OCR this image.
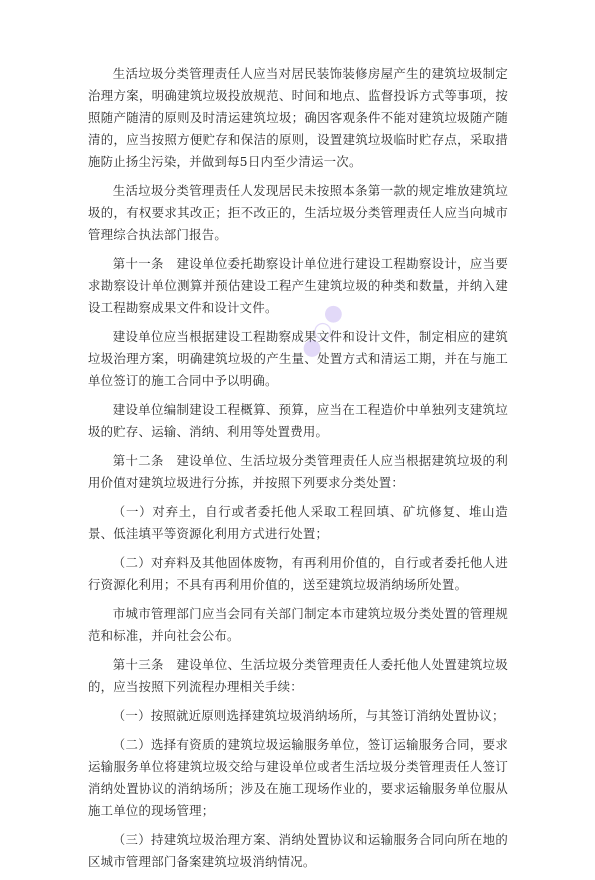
生活垃圾分类管理责任人应当对居民装饰装修房屋产生的建筑垃圾制定治理方案，明确建筑垃圾投放规范、时间和地点、监督投诉方式等事项，按照随产随清的原则及时清运建筑垃圾；确因客观条件不能对建筑垃圾随产随清的，应当按照方便贮存和保洁的原则，设置建筑垃圾临时贮存点，采取措施防止扬尘污染，并做到每5日内至少清运一次。

生活垃圾分类管理责任人发现居民未按照本条第一款的规定堆放建筑垃圾的，有权要求其改正；拒不改正的，生活垃圾分类管理责任人应当向城市管理综合执法部门报告。

第十一条　建设单位委托勘察设计单位进行建设工程勘察设计，应当要求勘察设计单位测算并预估建设工程产生建筑垃圾的种类和数量，并纳入建设工程勘察成果文件和设计文件。

建设单位应当根据建设工程勘察成果文件和设计文件，制定相应的建筑垃圾治理方案，明确建筑垃圾的产生量、处置方式和清运工期，并在与施工单位签订的施工合同中予以明确。

建设单位编制建设工程概算、预算，应当在工程造价中单独列支建筑垃圾的贮存、运输、消纳、利用等处置费用。

第十二条　建设单位、生活垃圾分类管理责任人应当根据建筑垃圾的利用价值对建筑垃圾进行分拣，并按照下列要求分类处置：

（一）对弃土，自行或者委托他人采取工程回填、矿坑修复、堆山造景、低洼填平等资源化利用方式进行处置；

（二）对弃料及其他固体废物，有再利用价值的，自行或者委托他人进行资源化利用；不具有再利用价值的，送至建筑垃圾消纳场所处置。

市城市管理部门应当会同有关部门制定本市建筑垃圾分类处置的管理规范和标准，并向社会公布。

第十三条　建设单位、生活垃圾分类管理责任人委托他人处置建筑垃圾的，应当按照下列流程办理相关手续：

（一）按照就近原则选择建筑垃圾消纳场所，与其签订消纳处置协议；

（二）选择有资质的建筑垃圾运输服务单位，签订运输服务合同，要求运输服务单位将建筑垃圾交给与建设单位或者生活垃圾分类管理责任人签订消纳处置协议的消纳场所；涉及在施工现场作业的，要求运输服务单位服从施工单位的现场管理；

（三）持建筑垃圾治理方案、消纳处置协议和运输服务合同向所在地的区城市管理部门备案建筑垃圾消纳情况。

●○●
